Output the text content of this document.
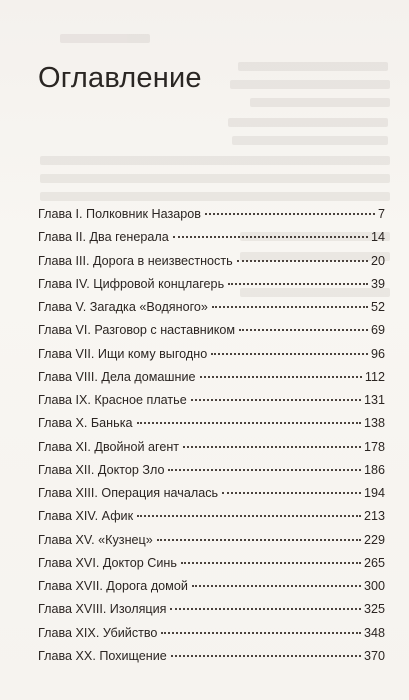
Оглавление
Глава I. Полковник Назаров	7
Глава II. Два генерала	14
Глава III. Дорога в неизвестность	20
Глава IV. Цифровой концлагерь	39
Глава V. Загадка «Водяного»	52
Глава VI. Разговор с наставником	69
Глава VII. Ищи кому выгодно	96
Глава VIII. Дела домашние	112
Глава IX. Красное платье	131
Глава X. Банька	138
Глава XI. Двойной агент	178
Глава XII. Доктор Зло	186
Глава XIII. Операция началась	194
Глава XIV. Афик	213
Глава XV. «Кузнец»	229
Глава XVI. Доктор Синь	265
Глава XVII. Дорога домой	300
Глава XVIII. Изоляция	325
Глава XIX. Убийство	348
Глава XX. Похищение	370
